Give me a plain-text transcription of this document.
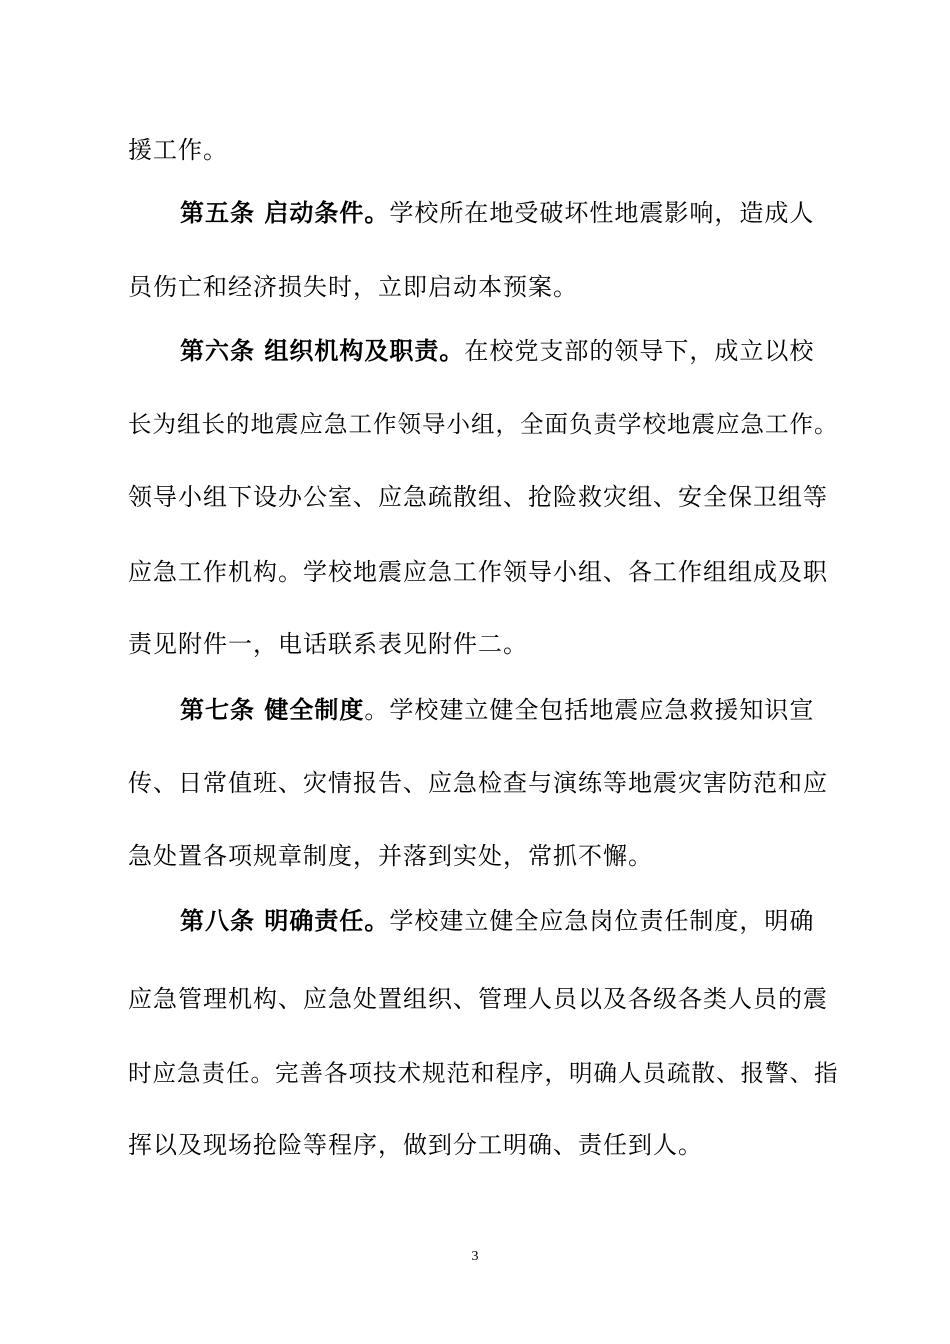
援工作。
第五条 启动条件。学校所在地受破坏性地震影响，造成人
员伤亡和经济损失时，立即启动本预案。
第六条 组织机构及职责。在校党支部的领导下，成立以校
长为组长的地震应急工作领导小组，全面负责学校地震应急工作。
领导小组下设办公室、应急疏散组、抢险救灾组、安全保卫组等
应急工作机构。学校地震应急工作领导小组、各工作组组成及职
责见附件一，电话联系表见附件二。
第七条 健全制度。学校建立健全包括地震应急救援知识宣
传、日常值班、灾情报告、应急检查与演练等地震灾害防范和应
急处置各项规章制度，并落到实处，常抓不懈。
第八条 明确责任。学校建立健全应急岗位责任制度，明确
应急管理机构、应急处置组织、管理人员以及各级各类人员的震
时应急责任。完善各项技术规范和程序，明确人员疏散、报警、指
挥以及现场抢险等程序，做到分工明确、责任到人。
3
